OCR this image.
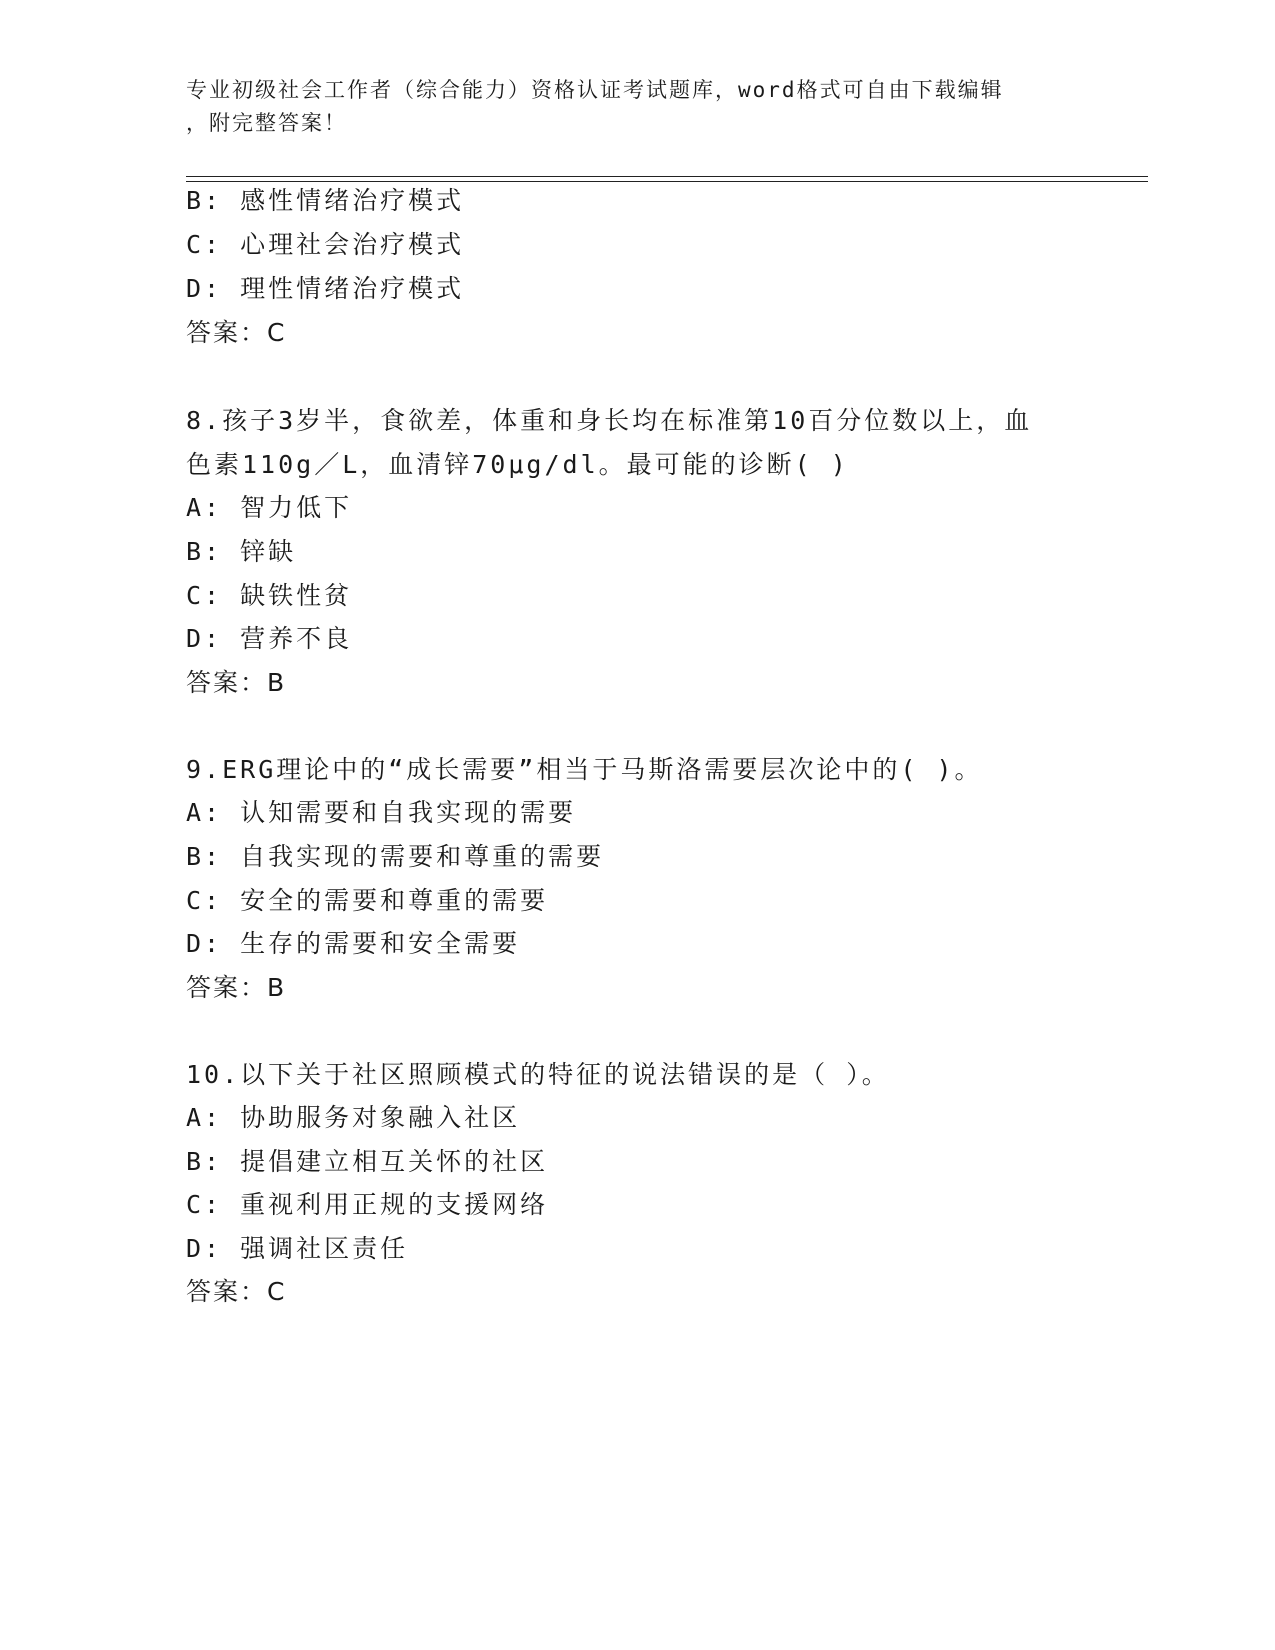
专业初级社会工作者（综合能力）资格认证考试题库，word格式可自由下载编辑
，附完整答案！
B: 感性情绪治疗模式
C: 心理社会治疗模式
D: 理性情绪治疗模式
答案：C
8.孩子3岁半，食欲差，体重和身长均在标准第10百分位数以上，血
色素110g／L，血清锌70μg/dl。最可能的诊断( )
A: 智力低下
B: 锌缺
C: 缺铁性贫
D: 营养不良
答案：B
9.ERG理论中的“成长需要”相当于马斯洛需要层次论中的( )。
A: 认知需要和自我实现的需要
B: 自我实现的需要和尊重的需要
C: 安全的需要和尊重的需要
D: 生存的需要和安全需要
答案：B
10.以下关于社区照顾模式的特征的说法错误的是（ ）。
A: 协助服务对象融入社区
B: 提倡建立相互关怀的社区
C: 重视利用正规的支援网络
D: 强调社区责任
答案：C
